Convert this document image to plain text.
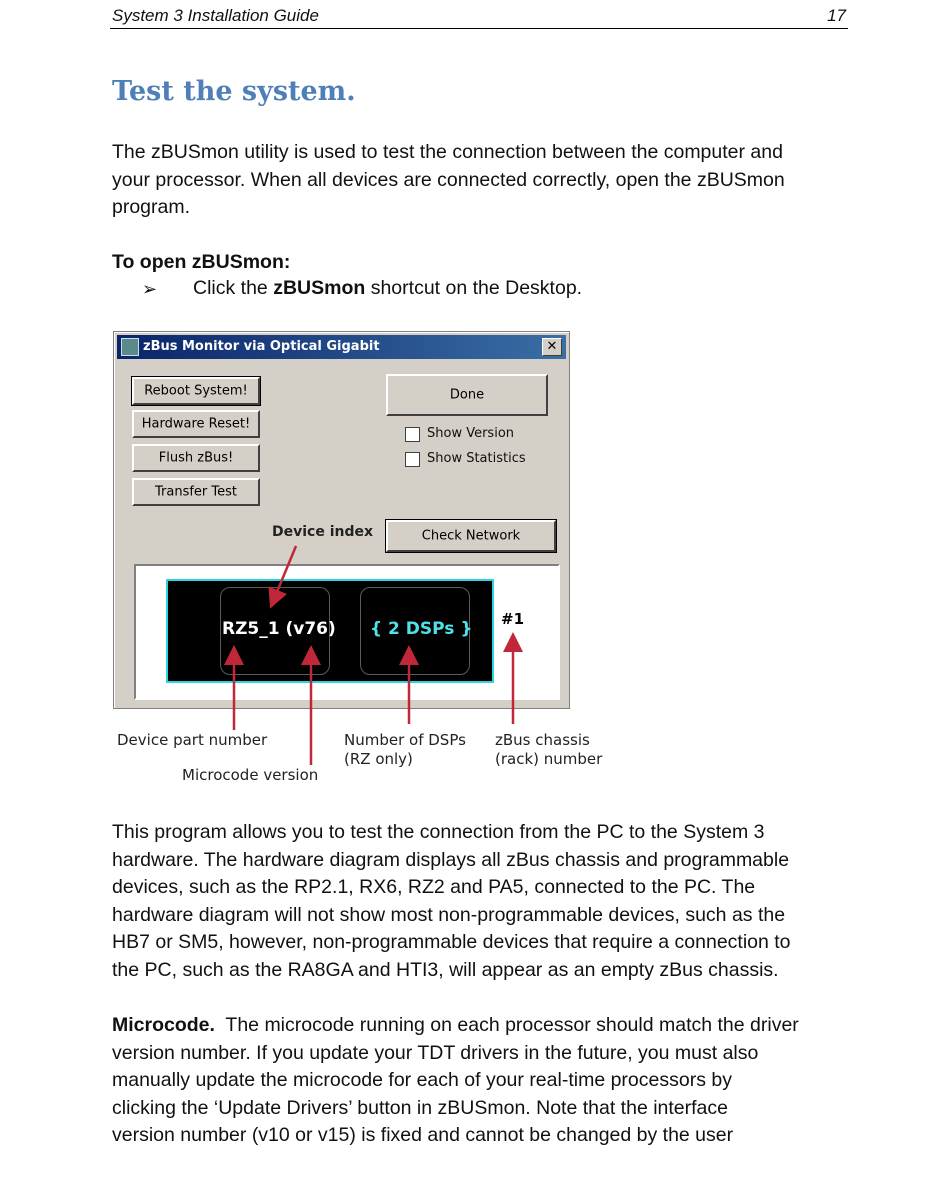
System 3 Installation Guide	17
Test the system.
The zBUSmon utility is used to test the connection between the computer and
your processor. When all devices are connected correctly, open the zBUSmon
program.
To open zBUSmon:
➢ Click the zBUSmon shortcut on the Desktop.
zBus Monitor via Optical Gigabit	✕
Reboot System!
Hardware Reset!
Flush zBus!
Transfer Test
Done
Show Version
Show Statistics
Device index	Check Network
RZ5_1 (v76) { 2 DSPs } #1
Device part number
Microcode version
Number of DSPs
(RZ only)
zBus chassis
(rack) number
This program allows you to test the connection from the PC to the System 3
hardware. The hardware diagram displays all zBus chassis and programmable
devices, such as the RP2.1, RX6, RZ2 and PA5, connected to the PC. The
hardware diagram will not show most non-programmable devices, such as the
HB7 or SM5, however, non-programmable devices that require a connection to
the PC, such as the RA8GA and HTI3, will appear as an empty zBus chassis.
Microcode.  The microcode running on each processor should match the driver
version number. If you update your TDT drivers in the future, you must also
manually update the microcode for each of your real-time processors by
clicking the ‘Update Drivers’ button in zBUSmon. Note that the interface
version number (v10 or v15) is fixed and cannot be changed by the user
